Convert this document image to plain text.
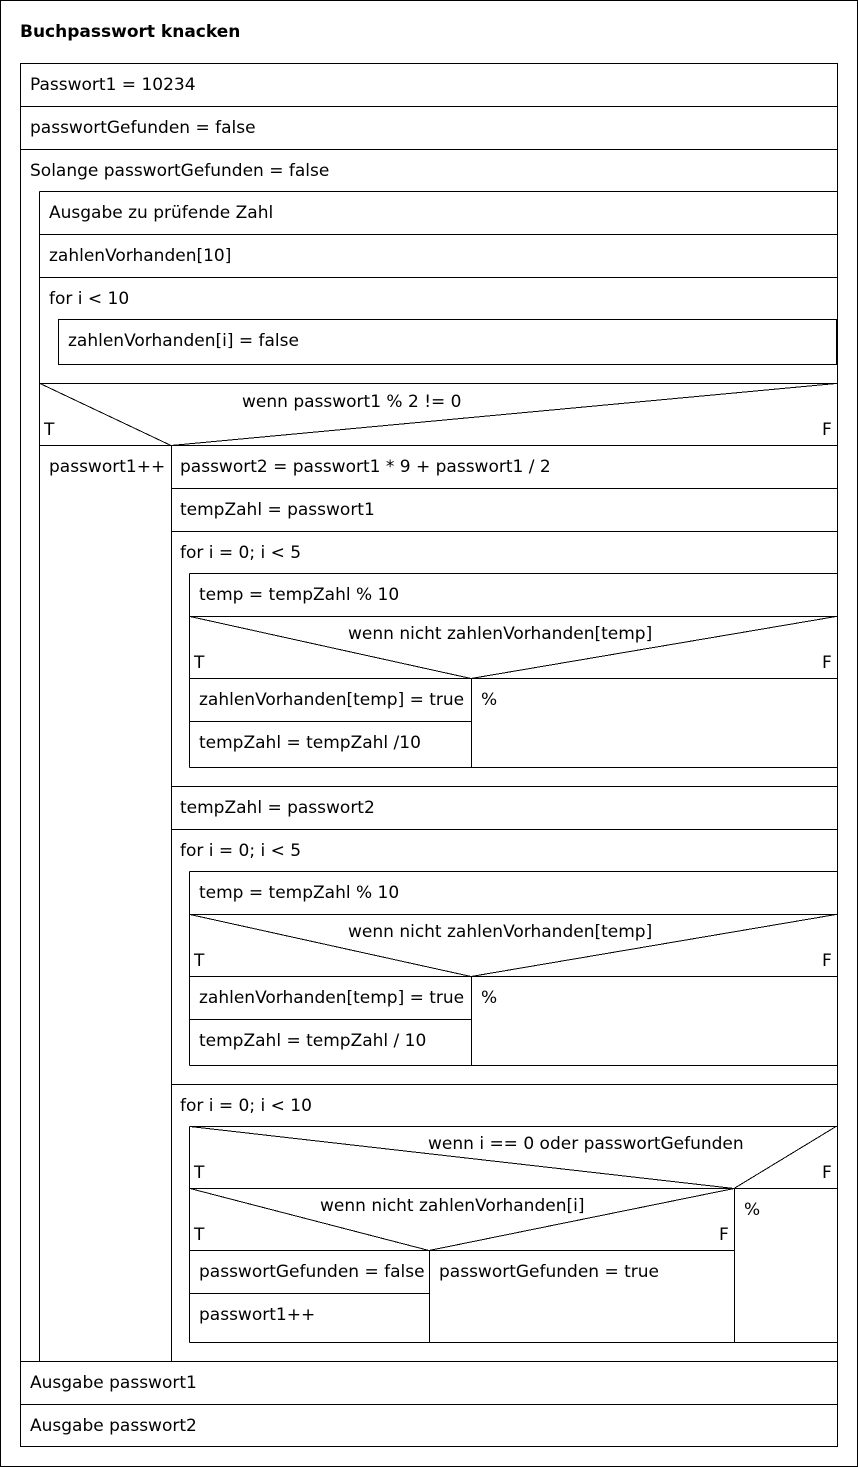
Buchpasswort knacken
Passwort1 = 10234
passwortGefunden = false
Solange passwortGefunden = false
Ausgabe zu prüfende Zahl
zahlenVorhanden[10]
for i < 10
zahlenVorhanden[i] = false
wenn passwort1 % 2 != 0
T	F
passwort1++ passwort2 = passwort1 * 9 + passwort1 / 2
tempZahl = passwort1
for i = 0; i < 5
temp = tempZahl % 10
wenn nicht zahlenVorhanden[temp]
T	F
zahlenVorhanden[temp] = true
tempZahl = tempZahl /10
%
tempZahl = passwort2
for i = 0; i < 5
temp = tempZahl % 10
wenn nicht zahlenVorhanden[temp]
T	F
zahlenVorhanden[temp] = true
tempZahl = tempZahl / 10
%
for i = 0; i < 10
wenn i == 0 oder passwortGefunden
T	F
wenn nicht zahlenVorhanden[i]
T	F
passwortGefunden = false
passwort1++
passwortGefunden = true
%
Ausgabe passwort1
Ausgabe passwort2
